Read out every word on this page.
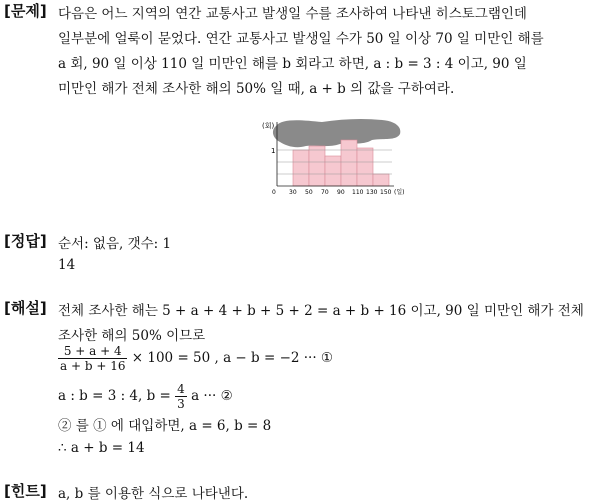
[문제] 다음은 어느 지역의 연간 교통사고 발생일 수를 조사하여 나타낸 히스토그램인데
일부분에 얼룩이 묻었다. 연간 교통사고 발생일 수가 50 일 이상 70 일 미만인 해를
a 회, 90 일 이상 110 일 미만인 해를 b 회라고 하면, a : b = 3 : 4 이고, 90 일
미만인 해가 전체 조사한 해의 50% 일 때, a + b 의 값을 구하여라.
(회)
1
0 30 50 70 90 110 130 150 (일)
[정답] 순서: 없음, 갯수: 1
14
[해설] 전체 조사한 해는 5 + a + 4 + b + 5 + 2 = a + b + 16 이고, 90 일 미만인 해가 전체
조사한 해의 50% 이므로
$\frac{5 + a + 4}{a + b + 16} \times 100 = 50$ , a − b = −2 ··· ①
a : b = 3 : 4, $b = \frac{4}{3}$ a ··· ②
② 를 ① 에 대입하면, a = 6, b = 8
∴ a + b = 14
[힌트] a, b 를 이용한 식으로 나타낸다.
